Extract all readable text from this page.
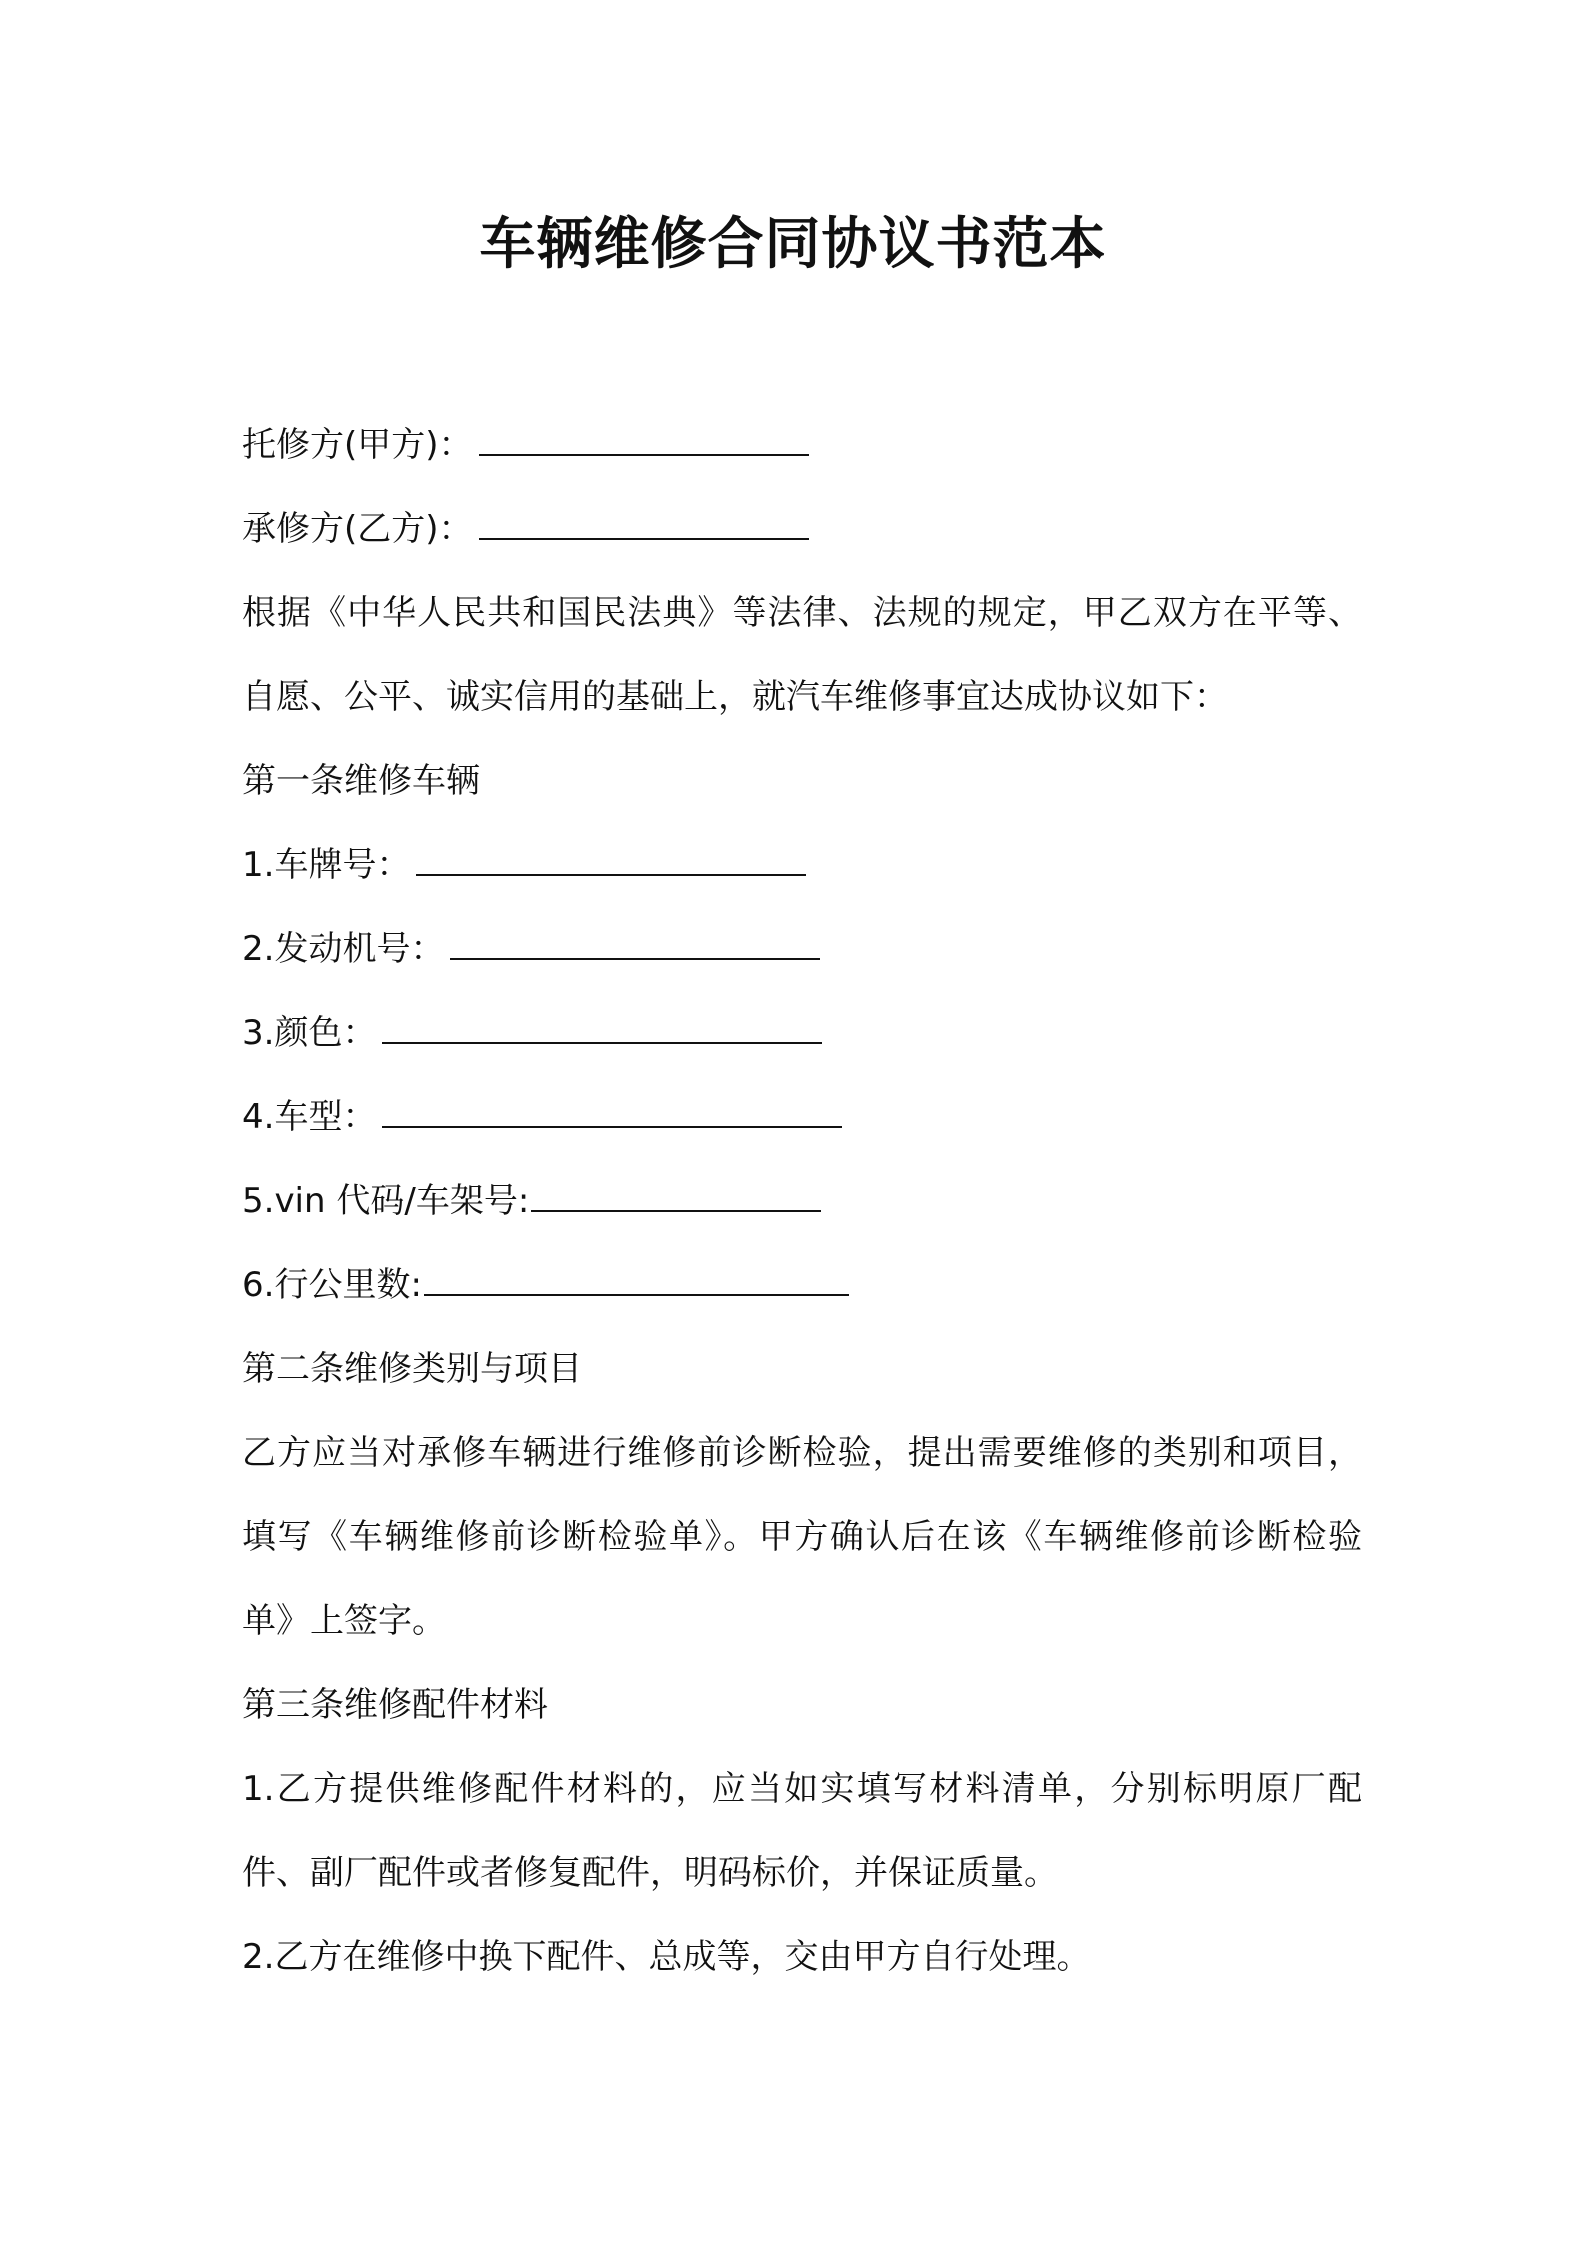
车辆维修合同协议书范本
托修方(甲方)：
承修方(乙方)：
根据《中华人民共和国民法典》等法律、法规的规定，甲乙双方在平等、自愿、公平、诚实信用的基础上，就汽车维修事宜达成协议如下：
第一条维修车辆
1.车牌号：
2.发动机号：
3.颜色：
4.车型：
5.vin 代码/车架号:
6.行公里数:
第二条维修类别与项目
乙方应当对承修车辆进行维修前诊断检验，提出需要维修的类别和项目，填写《车辆维修前诊断检验单》。甲方确认后在该《车辆维修前诊断检验单》上签字。
第三条维修配件材料
1.乙方提供维修配件材料的，应当如实填写材料清单，分别标明原厂配件、副厂配件或者修复配件，明码标价，并保证质量。
2.乙方在维修中换下配件、总成等，交由甲方自行处理。
